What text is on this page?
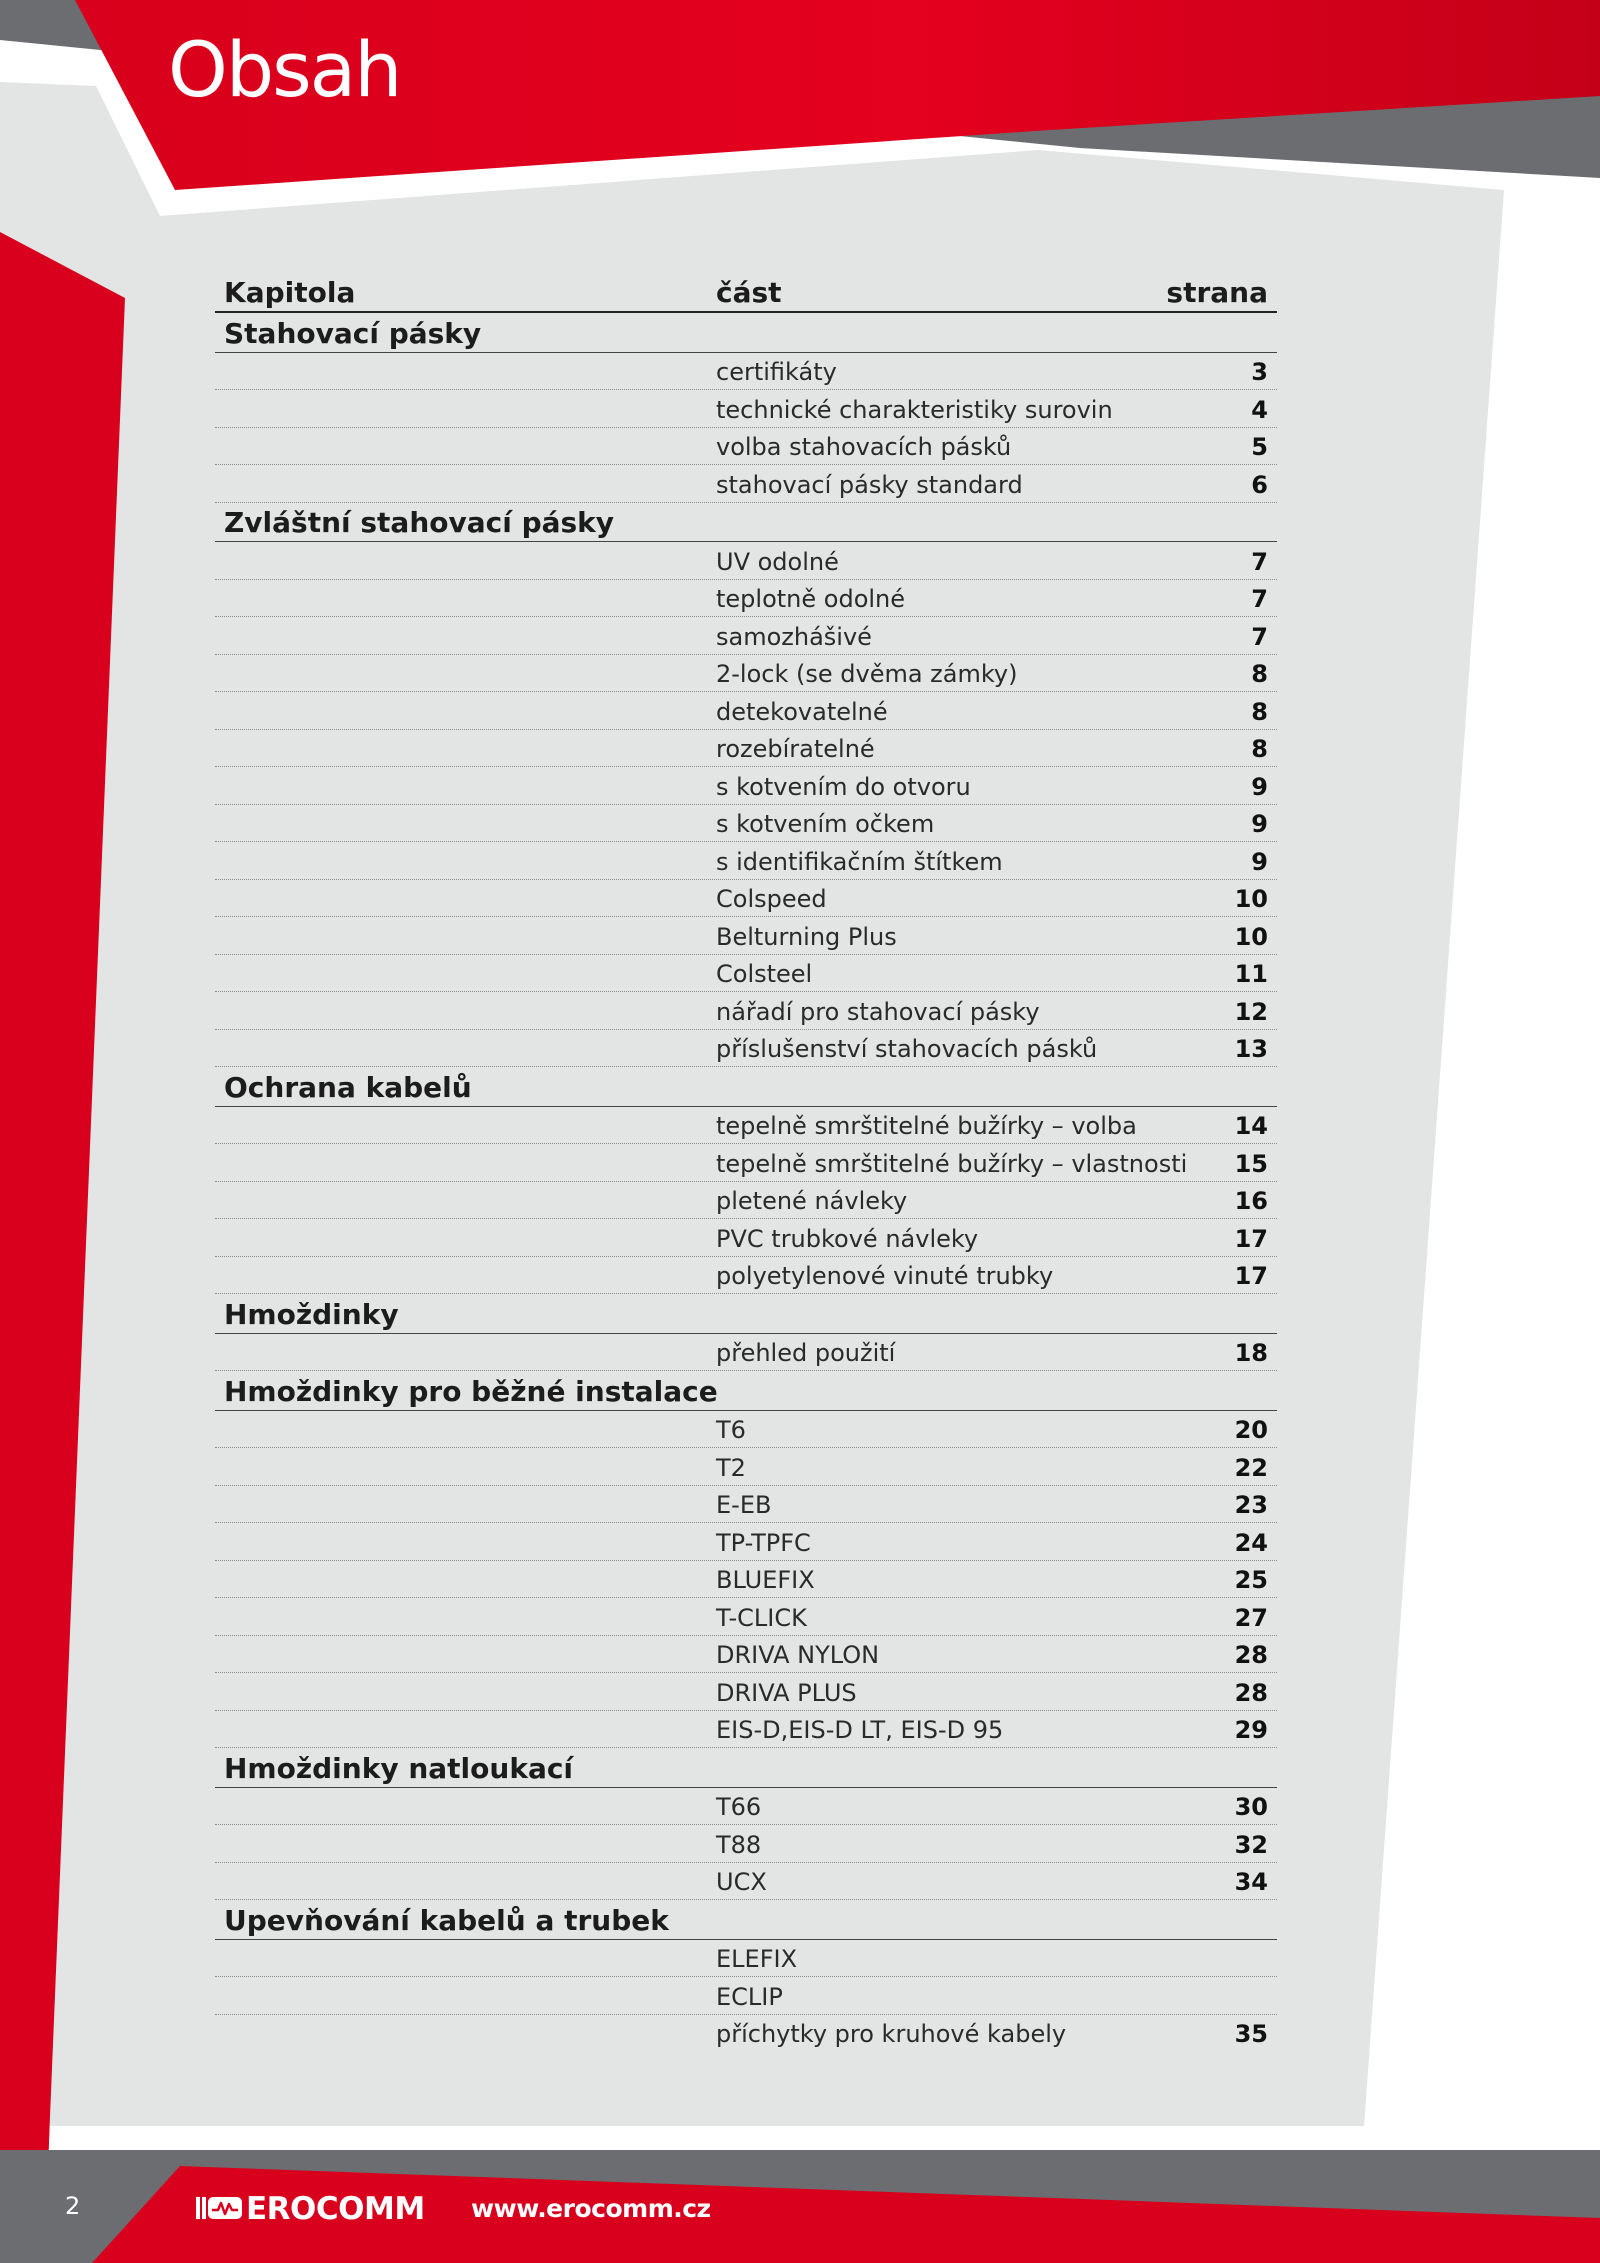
Obsah
Kapitola	část	strana
Stahovací pásky
certifikáty	3
technické charakteristiky surovin	4
volba stahovacích pásků	5
stahovací pásky standard	6
Zvláštní stahovací pásky
UV odolné	7
teplotně odolné	7
samozhášivé	7
2-lock (se dvěma zámky)	8
detekovatelné	8
rozebíratelné	8
s kotvením do otvoru	9
s kotvením očkem	9
s identifikačním štítkem	9
Colspeed	10
Belturning Plus	10
Colsteel	11
nářadí pro stahovací pásky	12
příslušenství stahovacích pásků	13
Ochrana kabelů
tepelně smrštitelné bužírky – volba	14
tepelně smrštitelné bužírky – vlastnosti 15
pletené návleky	16
PVC trubkové návleky	17
polyetylenové vinuté trubky	17
Hmoždinky
přehled použití	18
Hmoždinky pro běžné instalace
T6	20
T2	22
E-EB	23
TP-TPFC	24
BLUEFIX	25
T-CLICK	27
DRIVA NYLON	28
DRIVA PLUS	28
EIS-D,EIS-D LT, EIS-D 95	29
Hmoždinky natloukací
T66	30
T88	32
UCX	34
Upevňování kabelů a trubek
ELEFIX
ECLIP
příchytky pro kruhové kabely	35
2	EROCOMM www.erocomm.cz
